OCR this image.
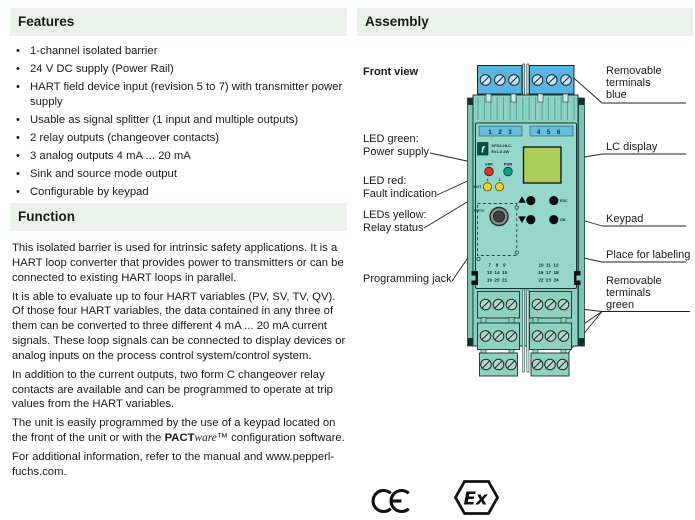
Features
• 1-channel isolated barrier
• 24 V DC supply (Power Rail)
• HART field device input (revision 5 to 7) with transmitter power supply
• Usable as signal splitter (1 input and multiple outputs)
• 2 relay outputs (changeover contacts)
• 3 analog outputs 4 mA ... 20 mA
• Sink and source mode output
• Configurable by keypad
Function

This isolated barrier is used for intrinsic safety applications. It is a HART loop converter that provides power to transmitters or can be connected to existing HART loops in parallel.

It is able to evaluate up to four HART variables (PV, SV, TV, QV). Of those four HART variables, the data contained in any three of them can be converted to three different 4 mA ... 20 mA current signals. These loop signals can be connected to display devices or analog inputs on the process control system/control system.

In addition to the current outputs, two form C changeover relay contacts are available and can be programmed to operate at trip values from the HART variables.

The unit is easily programmed by the use of a keypad located on the front of the unit or with the PACTware™ configuration software.

For additional information, refer to the manual and www.pepperl-fuchs.com.

Assembly
1 2 3	4 5 6
f KFD2-HLC-
Ex1.D.2W
ERR	PWR
1	2
OUT
ESC
OK
PRESS
7 8 9
13 14 15
19 20 21
10 11 12
16 17 18
22 23 24
Ex
Front view
LED green:
Power supply
LED red:
Fault indication
LEDs yellow:
Relay status
Programming jack
Removable
terminals
blue
LC display
Keypad
Place for labeling
Removable
terminals
green
